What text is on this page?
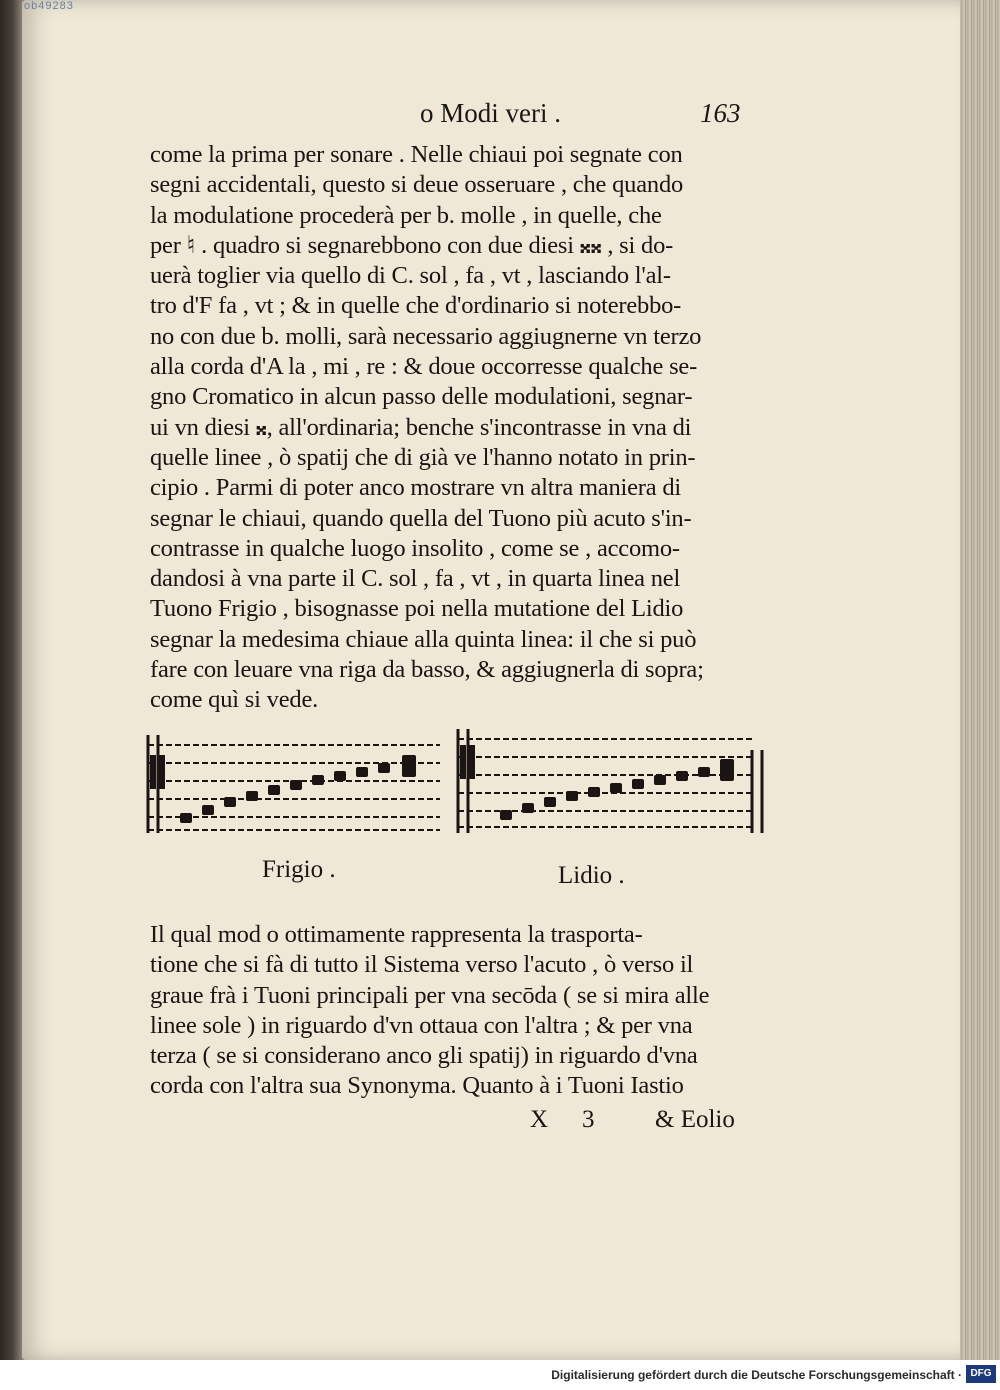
ob49283
o Modi veri .	163
come la prima per sonare . Nelle chiaui poi segnate con
segni accidentali, questo si deue osseruare , che quando
la modulatione procederà per b. molle , in quelle, che
per ♮ . quadro si segnarebbono con due diesi 𝄪𝄪 , si do-
uerà toglier via quello di C. sol , fa , vt , lasciando l'al-
tro d'F fa , vt ; & in quelle che d'ordinario si noterebbo-
no con due b. molli, sarà necessario aggiugnerne vn terzo
alla corda d'A la , mi , re : & doue occorresse qualche se-
gno Cromatico in alcun passo delle modulationi, segnar-
ui vn diesi 𝄪, all'ordinaria; benche s'incontrasse in vna di
quelle linee , ò spatij che di già ve l'hanno notato in prin-
cipio . Parmi di poter anco mostrare vn altra maniera di
segnar le chiaui, quando quella del Tuono più acuto s'in-
contrasse in qualche luogo insolito , come se , accomo-
dandosi à vna parte il C. sol , fa , vt , in quarta linea nel
Tuono Frigio , bisognasse poi nella mutatione del Lidio
segnar la medesima chiaue alla quinta linea: il che si può
fare con leuare vna riga da basso, & aggiugnerla di sopra;
come quì si vede.
Frigio .	Lidio .
Il qual mod o ottimamente rappresenta la trasporta-
tione che si fà di tutto il Sistema verso l'acuto , ò verso il
graue frà i Tuoni principali per vna secōda ( se si mira alle
linee sole ) in riguardo d'vn ottaua con l'altra ; & per vna
terza ( se si considerano anco gli spatij) in riguardo d'vna
corda con l'altra sua Synonyma. Quanto à i Tuoni Iastio
X 3 & Eolio
Digitalisierung gefördert durch die Deutsche Forschungsgemeinschaft · DFG
